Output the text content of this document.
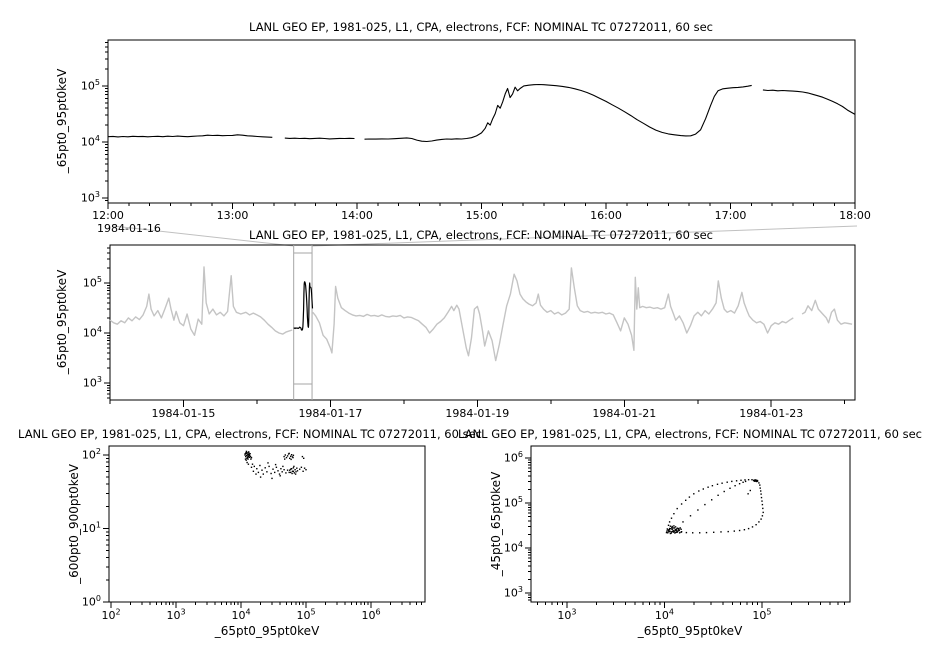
$10^3$
$10^4$
$10^5$
12:00	13:00	14:00	15:00	16:00	17:00	18:00
$10^3$
$10^4$
$10^5$
1984-01-15	1984-01-17	1984-01-19	1984-01-21	1984-01-23
$10^0$
$10^1$
$10^2$
$10^2$	$10^3$	$10^4$	$10^5$	$10^6$
$10^3$
$10^4$
$10^5$
$10^6$
$10^3$	$10^4$	$10^5$
LANL GEO EP, 1981-025, L1, CPA, electrons, FCF: NOMINAL TC 07272011, 60 sec
LANL GEO EP, 1981-025, L1, CPA, electrons, FCF: NOMINAL TC 07272011, 60 sec
LANL GEO EP, 1981-025, L1, CPA, electrons, FCF: NOMINAL TC 07272011, 60 sec
LANL GEO EP, 1981-025, L1, CPA, electrons, FCF: NOMINAL TC 07272011, 60 sec
_65pt0_95pt0keV
_65pt0_95pt0keV
_600pt0_900pt0keV	_45pt0_65pt0keV
_65pt0_95pt0keV	_65pt0_95pt0keV
1984-01-16
